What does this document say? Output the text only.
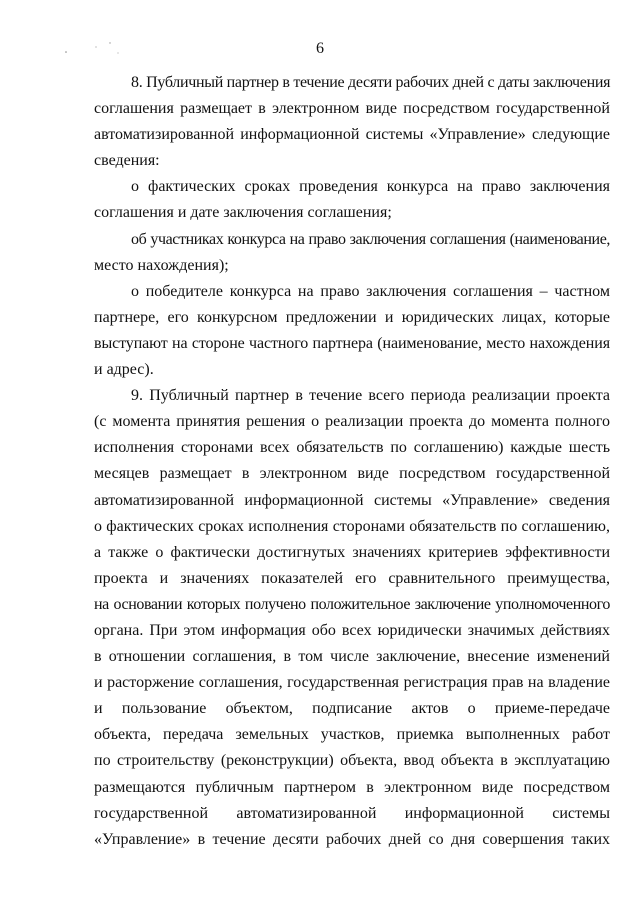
6
8. Публичный партнер в течение десяти рабочих дней с даты заключения
соглашения размещает в электронном виде посредством государственной
автоматизированной информационной системы «Управление» следующие
сведения:
о фактических сроках проведения конкурса на право заключения
соглашения и дате заключения соглашения;
об участниках конкурса на право заключения соглашения (наименование,
место нахождения);
о победителе конкурса на право заключения соглашения – частном
партнере, его конкурсном предложении и юридических лицах, которые
выступают на стороне частного партнера (наименование, место нахождения
и адрес).
9. Публичный партнер в течение всего периода реализации проекта
(с момента принятия решения о реализации проекта до момента полного
исполнения сторонами всех обязательств по соглашению) каждые шесть
месяцев размещает в электронном виде посредством государственной
автоматизированной информационной системы «Управление» сведения
о фактических сроках исполнения сторонами обязательств по соглашению,
а также о фактически достигнутых значениях критериев эффективности
проекта и значениях показателей его сравнительного преимущества,
на основании которых получено положительное заключение уполномоченного
органа. При этом информация обо всех юридически значимых действиях
в отношении соглашения, в том числе заключение, внесение изменений
и расторжение соглашения, государственная регистрация прав на владение
и пользование объектом, подписание актов о приеме-передаче
объекта, передача земельных участков, приемка выполненных работ
по строительству (реконструкции) объекта, ввод объекта в эксплуатацию
размещаются публичным партнером в электронном виде посредством
государственной автоматизированной информационной системы
«Управление» в течение десяти рабочих дней со дня совершения таких
